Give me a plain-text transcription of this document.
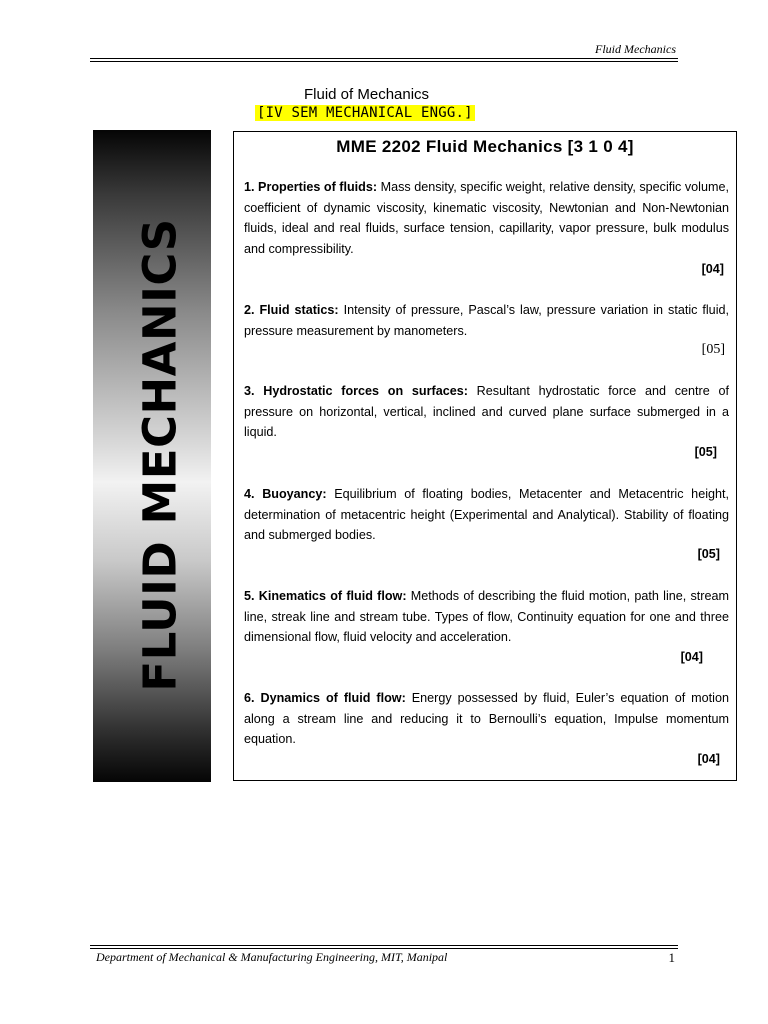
Fluid Mechanics
Fluid of Mechanics
[IV SEM MECHANICAL ENGG.]
FLUID MECHANICS
MME 2202 Fluid Mechanics [3 1 0 4]
1. Properties of fluids: Mass density, specific weight, relative density, specific volume, coefficient of dynamic viscosity, kinematic viscosity, Newtonian and Non-Newtonian fluids, ideal and real fluids, surface tension, capillarity, vapor pressure, bulk modulus and compressibility.
[04]
2. Fluid statics: Intensity of pressure, Pascal’s law, pressure variation in static fluid, pressure measurement by manometers.
[05]
3. Hydrostatic forces on surfaces: Resultant hydrostatic force and centre of pressure on horizontal, vertical, inclined and curved plane surface submerged in a liquid.
[05]
4. Buoyancy: Equilibrium of floating bodies, Metacenter and Metacentric height, determination of metacentric height (Experimental and Analytical). Stability of floating and submerged bodies.
[05]
5. Kinematics of fluid flow: Methods of describing the fluid motion, path line, stream line, streak line and stream tube. Types of flow, Continuity equation for one and three dimensional flow, fluid velocity and acceleration.
[04]
6. Dynamics of fluid flow: Energy possessed by fluid, Euler’s equation of motion along a stream line and reducing it to Bernoulli’s equation, Impulse momentum equation.
[04]
Department of Mechanical & Manufacturing Engineering, MIT, Manipal	1
